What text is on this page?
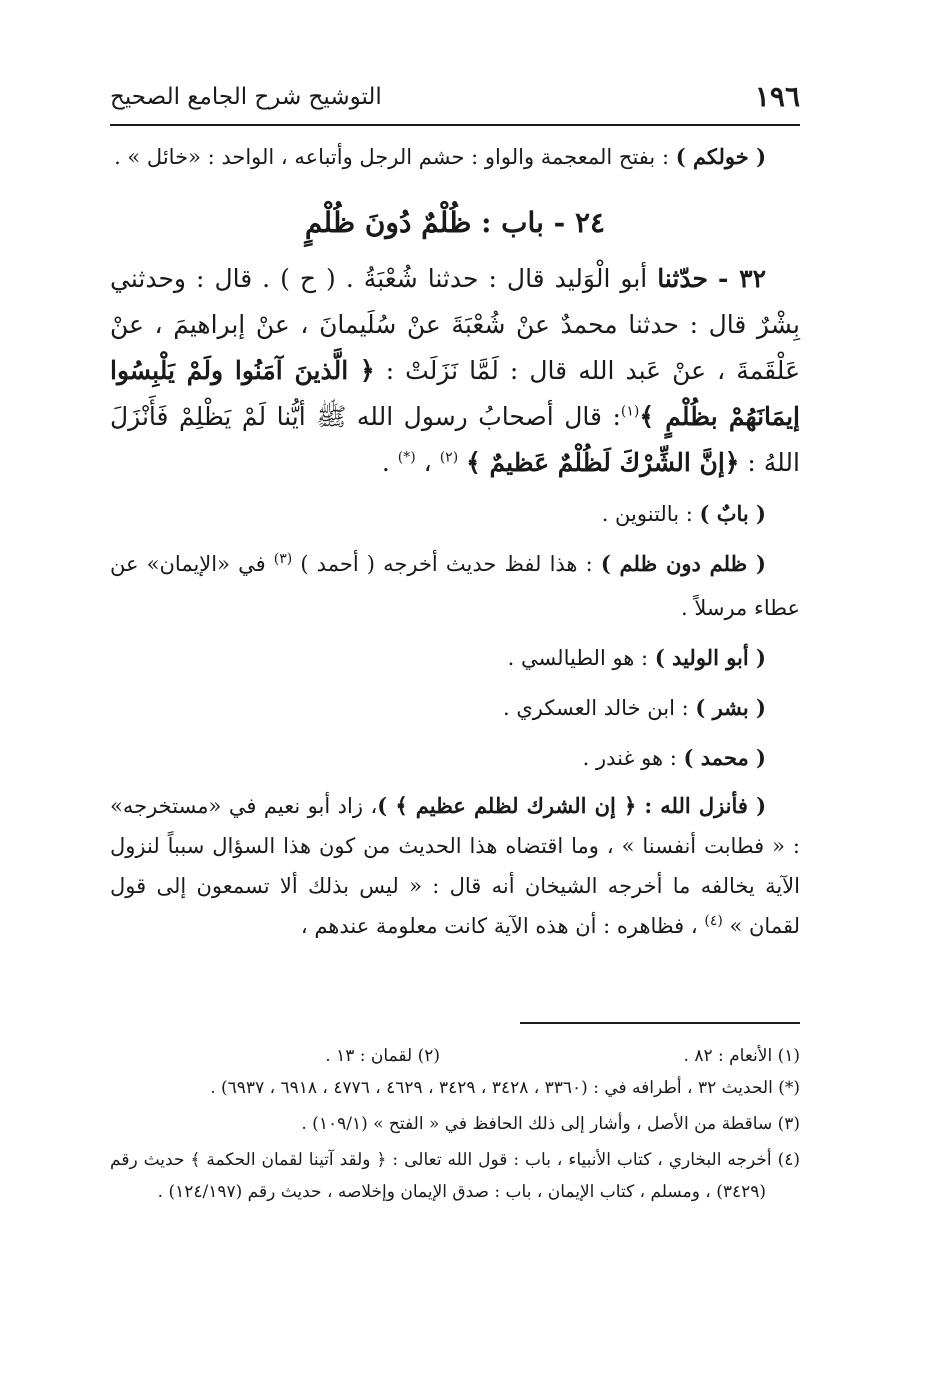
١٩٦
التوشيح شرح الجامع الصحيح

( خولكم ) : بفتح المعجمة والواو : حشم الرجل وأتباعه ، الواحد : «خائل » .

٢٤ - باب : ظُلْمٌ دُونَ ظُلْمٍ

٣٢ - حدّثنا أبو الْوَليد قال : حدثنا شُعْبَةُ . ( ح ) . قال : وحدثني بِشْرٌ قال : حدثنا محمدٌ عنْ شُعْبَةَ عنْ سُلَيمانَ ، عنْ إبراهيمَ ، عنْ عَلْقَمةَ ، عنْ عَبد الله قال : لَمَّا نَزَلَتْ : ﴿ الَّذينَ آمَنُوا ولَمْ يَلْبِسُوا إيمَانَهُمْ بظُلْمٍ ﴾$^{(١)}$: قال أصحابُ رسول الله ﷺ أيُّنا لَمْ يَظْلِمْ فَأَنْزَلَ اللهُ : ﴿إنَّ الشِّرْكَ لَظُلْمٌ عَظيمٌ ﴾ $^{(٢)}$ ، (*) .

( بابٌ ) : بالتنوين .

( ظلم دون ظلم ) : هذا لفظ حديث أخرجه ( أحمد ) $^{(٣)}$ في «الإيمان» عن عطاء مرسلاً .

( أبو الوليد ) : هو الطيالسي .

( بشر ) : ابن خالد العسكري .

( محمد ) : هو غندر .

( فأنزل الله : ﴿ إن الشرك لظلم عظيم ﴾ )، زاد أبو نعيم في «مستخرجه» : « فطابت أنفسنا » ، وما اقتضاه هذا الحديث من كون هذا السؤال سبباً لنزول الآية يخالفه ما أخرجه الشيخان أنه قال : « ليس بذلك ألا تسمعون إلى قول لقمان » $^{(٤)}$ ، فظاهره : أن هذه الآية كانت معلومة عندهم ،

(١) الأنعام : ٨٢ .
(٢) لقمان : ١٣ .

(*) الحديث ٣٢ ، أطرافه في : (٣٣٦٠ ، ٣٤٢٨ ، ٣٤٢٩ ، ٤٦٢٩ ، ٤٧٧٦ ، ٦٩١٨ ، ٦٩٣٧) .

(٣) ساقطة من الأصل ، وأشار إلى ذلك الحافظ في « الفتح » (١٠٩/١) .

(٤) أخرجه البخاري ، كتاب الأنبياء ، باب : قول الله تعالى : ﴿ ولقد آتينا لقمان الحكمة ﴾ حديث رقم (٣٤٢٩) ، ومسلم ، كتاب الإيمان ، باب : صدق الإيمان وإخلاصه ، حديث رقم (١٢٤/١٩٧) .
